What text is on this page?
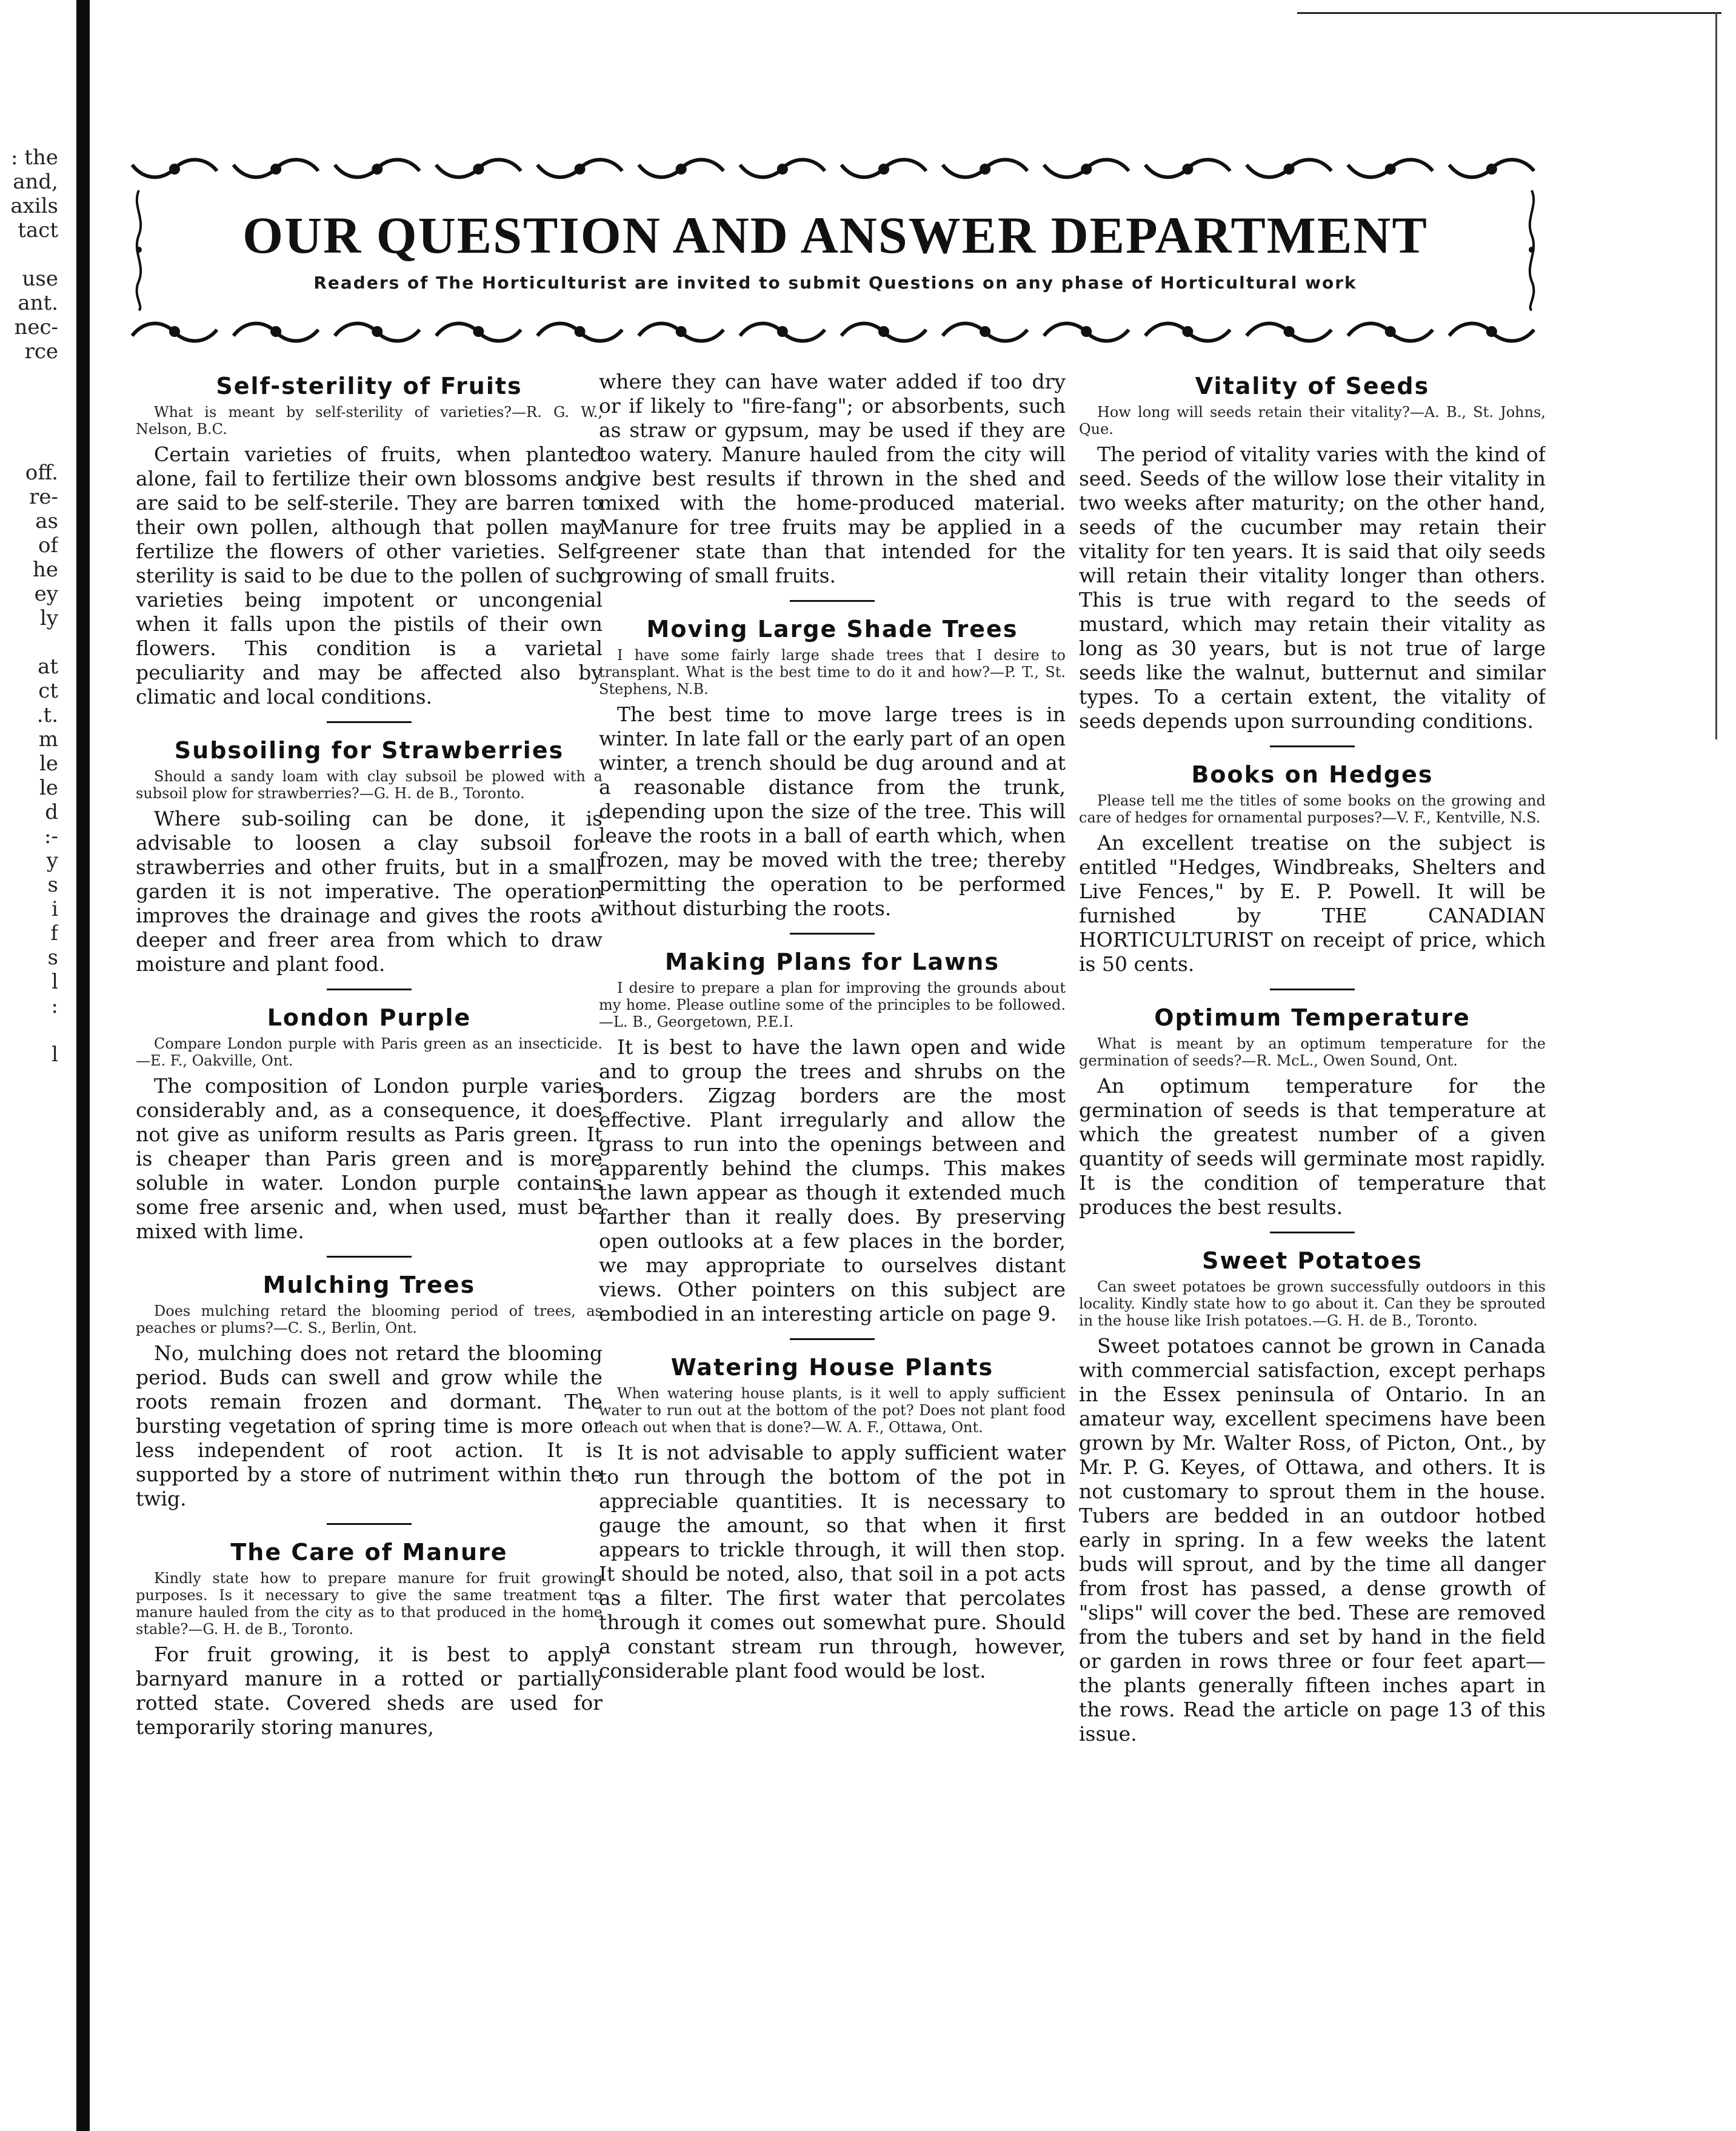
: the
and,
axils
tact
use
ant.
nec-
rce
off.
re-
as
of
he
ey
ly
at
ct
.t.
m
le
le
d
:-
y
s
i
f
s
l
:
l
OUR QUESTION AND ANSWER DEPARTMENT
Readers of The Horticulturist are invited to submit Questions on any phase of Horticultural work
Self-sterility of Fruits

What is meant by self-sterility of varieties?—R. G. W., Nelson, B.C.

Certain varieties of fruits, when planted alone, fail to fertilize their own blossoms and are said to be self-sterile. They are barren to their own pollen, although that pollen may fertilize the flowers of other varieties. Self-sterility is said to be due to the pollen of such varieties being impotent or uncongenial when it falls upon the pistils of their own flowers. This condition is a varietal peculiarity and may be affected also by climatic and local conditions.

Subsoiling for Strawberries

Should a sandy loam with clay subsoil be plowed with a subsoil plow for strawberries?—G. H. de B., Toronto.

Where sub-soiling can be done, it is advisable to loosen a clay subsoil for strawberries and other fruits, but in a small garden it is not imperative. The operation improves the drainage and gives the roots a deeper and freer area from which to draw moisture and plant food.

London Purple

Compare London purple with Paris green as an insecticide.—E. F., Oakville, Ont.

The composition of London purple varies considerably and, as a consequence, it does not give as uniform results as Paris green. It is cheaper than Paris green and is more soluble in water. London purple contains some free arsenic and, when used, must be mixed with lime.

Mulching Trees

Does mulching retard the blooming period of trees, as peaches or plums?—C. S., Berlin, Ont.

No, mulching does not retard the blooming period. Buds can swell and grow while the roots remain frozen and dormant. The bursting vegetation of spring time is more or less independent of root action. It is supported by a store of nutriment within the twig.

The Care of Manure

Kindly state how to prepare manure for fruit growing purposes. Is it necessary to give the same treatment to manure hauled from the city as to that produced in the home stable?—G. H. de B., Toronto.

For fruit growing, it is best to apply barnyard manure in a rotted or partially rotted state. Covered sheds are used for temporarily storing manures,

where they can have water added if too dry or if likely to "fire-fang"; or absorbents, such as straw or gypsum, may be used if they are too watery. Manure hauled from the city will give best results if thrown in the shed and mixed with the home-produced material. Manure for tree fruits may be applied in a greener state than that intended for the growing of small fruits.

Moving Large Shade Trees

I have some fairly large shade trees that I desire to transplant. What is the best time to do it and how?—P. T., St. Stephens, N.B.

The best time to move large trees is in winter. In late fall or the early part of an open winter, a trench should be dug around and at a reasonable distance from the trunk, depending upon the size of the tree. This will leave the roots in a ball of earth which, when frozen, may be moved with the tree; thereby permitting the operation to be performed without disturbing the roots.

Making Plans for Lawns

I desire to prepare a plan for improving the grounds about my home. Please outline some of the principles to be followed.—L. B., Georgetown, P.E.I.

It is best to have the lawn open and wide and to group the trees and shrubs on the borders. Zigzag borders are the most effective. Plant irregularly and allow the grass to run into the openings between and apparently behind the clumps. This makes the lawn appear as though it extended much farther than it really does. By preserving open outlooks at a few places in the border, we may appropriate to ourselves distant views. Other pointers on this subject are embodied in an interesting article on page 9.

Watering House Plants

When watering house plants, is it well to apply sufficient water to run out at the bottom of the pot? Does not plant food leach out when that is done?—W. A. F., Ottawa, Ont.

It is not advisable to apply sufficient water to run through the bottom of the pot in appreciable quantities. It is necessary to gauge the amount, so that when it first appears to trickle through, it will then stop. It should be noted, also, that soil in a pot acts as a filter. The first water that percolates through it comes out somewhat pure. Should a constant stream run through, however, considerable plant food would be lost.

Vitality of Seeds

How long will seeds retain their vitality?—A. B., St. Johns, Que.

The period of vitality varies with the kind of seed. Seeds of the willow lose their vitality in two weeks after maturity; on the other hand, seeds of the cucumber may retain their vitality for ten years. It is said that oily seeds will retain their vitality longer than others. This is true with regard to the seeds of mustard, which may retain their vitality as long as 30 years, but is not true of large seeds like the walnut, butternut and similar types. To a certain extent, the vitality of seeds depends upon surrounding conditions.

Books on Hedges

Please tell me the titles of some books on the growing and care of hedges for ornamental purposes?—V. F., Kentville, N.S.

An excellent treatise on the subject is entitled "Hedges, Windbreaks, Shelters and Live Fences," by E. P. Powell. It will be furnished by THE CANADIAN HORTICULTURIST on receipt of price, which is 50 cents.

Optimum Temperature

What is meant by an optimum temperature for the germination of seeds?—R. McL., Owen Sound, Ont.

An optimum temperature for the germination of seeds is that temperature at which the greatest number of a given quantity of seeds will germinate most rapidly. It is the condition of temperature that produces the best results.

Sweet Potatoes

Can sweet potatoes be grown successfully outdoors in this locality. Kindly state how to go about it. Can they be sprouted in the house like Irish potatoes.—G. H. de B., Toronto.

Sweet potatoes cannot be grown in Canada with commercial satisfaction, except perhaps in the Essex peninsula of Ontario. In an amateur way, excellent specimens have been grown by Mr. Walter Ross, of Picton, Ont., by Mr. P. G. Keyes, of Ottawa, and others. It is not customary to sprout them in the house. Tubers are bedded in an outdoor hotbed early in spring. In a few weeks the latent buds will sprout, and by the time all danger from frost has passed, a dense growth of "slips" will cover the bed. These are removed from the tubers and set by hand in the field or garden in rows three or four feet apart—the plants generally fifteen inches apart in the rows. Read the article on page 13 of this issue.
